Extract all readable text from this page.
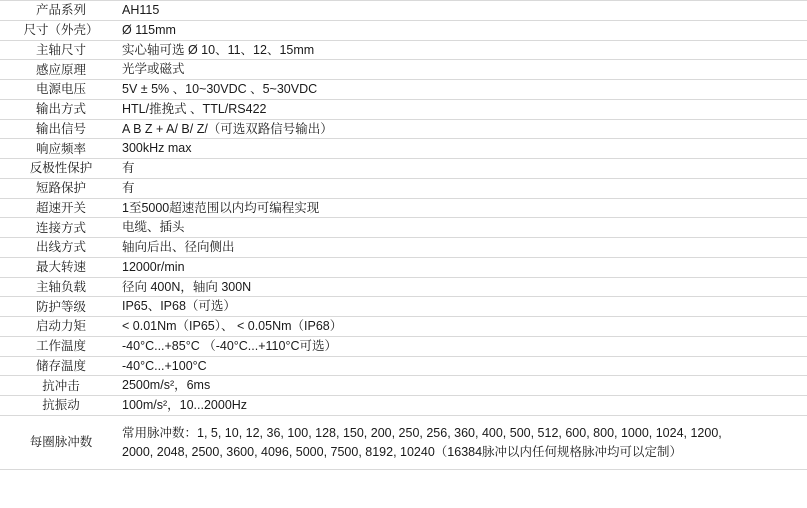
产品系列	AH115

尺寸（外壳）	Ø 115mm

主轴尺寸	实心轴可选 Ø 10、11、12、15mm

感应原理	光学或磁式

电源电压	5V ± 5% 、10~30VDC 、5~30VDC

输出方式	HTL/推挽式 、TTL/RS422

输出信号	A B Z + A/ B/ Z/（可选双路信号输出）

响应频率	300kHz max

反极性保护	有

短路保护	有

超速开关	1至5000超速范围以内均可编程实现

连接方式	电缆、插头

出线方式	轴向后出、径向侧出

最大转速	12000r/min

主轴负载	径向 400N，轴向 300N

防护等级	IP65、IP68（可选）

启动力矩	< 0.01Nm（IP65）、 < 0.05Nm（IP68）

工作温度	-40°C...+85°C （-40°C...+110°C可选）

储存温度	-40°C...+100°C

抗冲击	2500m/s²，6ms

抗振动	100m/s²，10...2000Hz

每圈脉冲数	常用脉冲数：1, 5, 10, 12, 36, 100, 128, 150, 200, 250, 256, 360, 400, 500, 512, 600, 800, 1000, 1024, 1200,
2000, 2048, 2500, 3600, 4096, 5000, 7500, 8192, 10240（16384脉冲以内任何规格脉冲均可以定制）
